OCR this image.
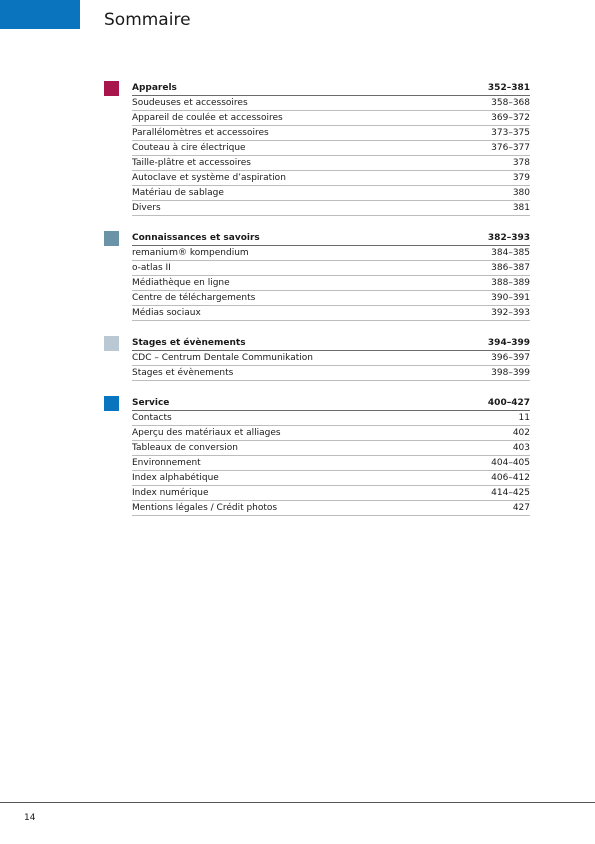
Sommaire
Apparels	352–381
Soudeuses et accessoires	358–368
Appareil de coulée et accessoires	369–372
Parallélomètres et accessoires	373–375
Couteau à cire électrique	376–377
Taille-plâtre et accessoires	378
Autoclave et système d’aspiration	379
Matériau de sablage	380
Divers	381
Connaissances et savoirs	382–393
remanium® kompendium	384–385
o-atlas II	386–387
Médiathèque en ligne	388–389
Centre de téléchargements	390–391
Médias sociaux	392–393
Stages et évènements	394–399
CDC – Centrum Dentale Communikation	396–397
Stages et évènements	398–399
Service	400–427
Contacts	11
Aperçu des matériaux et alliages	402
Tableaux de conversion	403
Environnement	404–405
Index alphabétique	406–412
Index numérique	414–425
Mentions légales / Crédit photos	427
14
